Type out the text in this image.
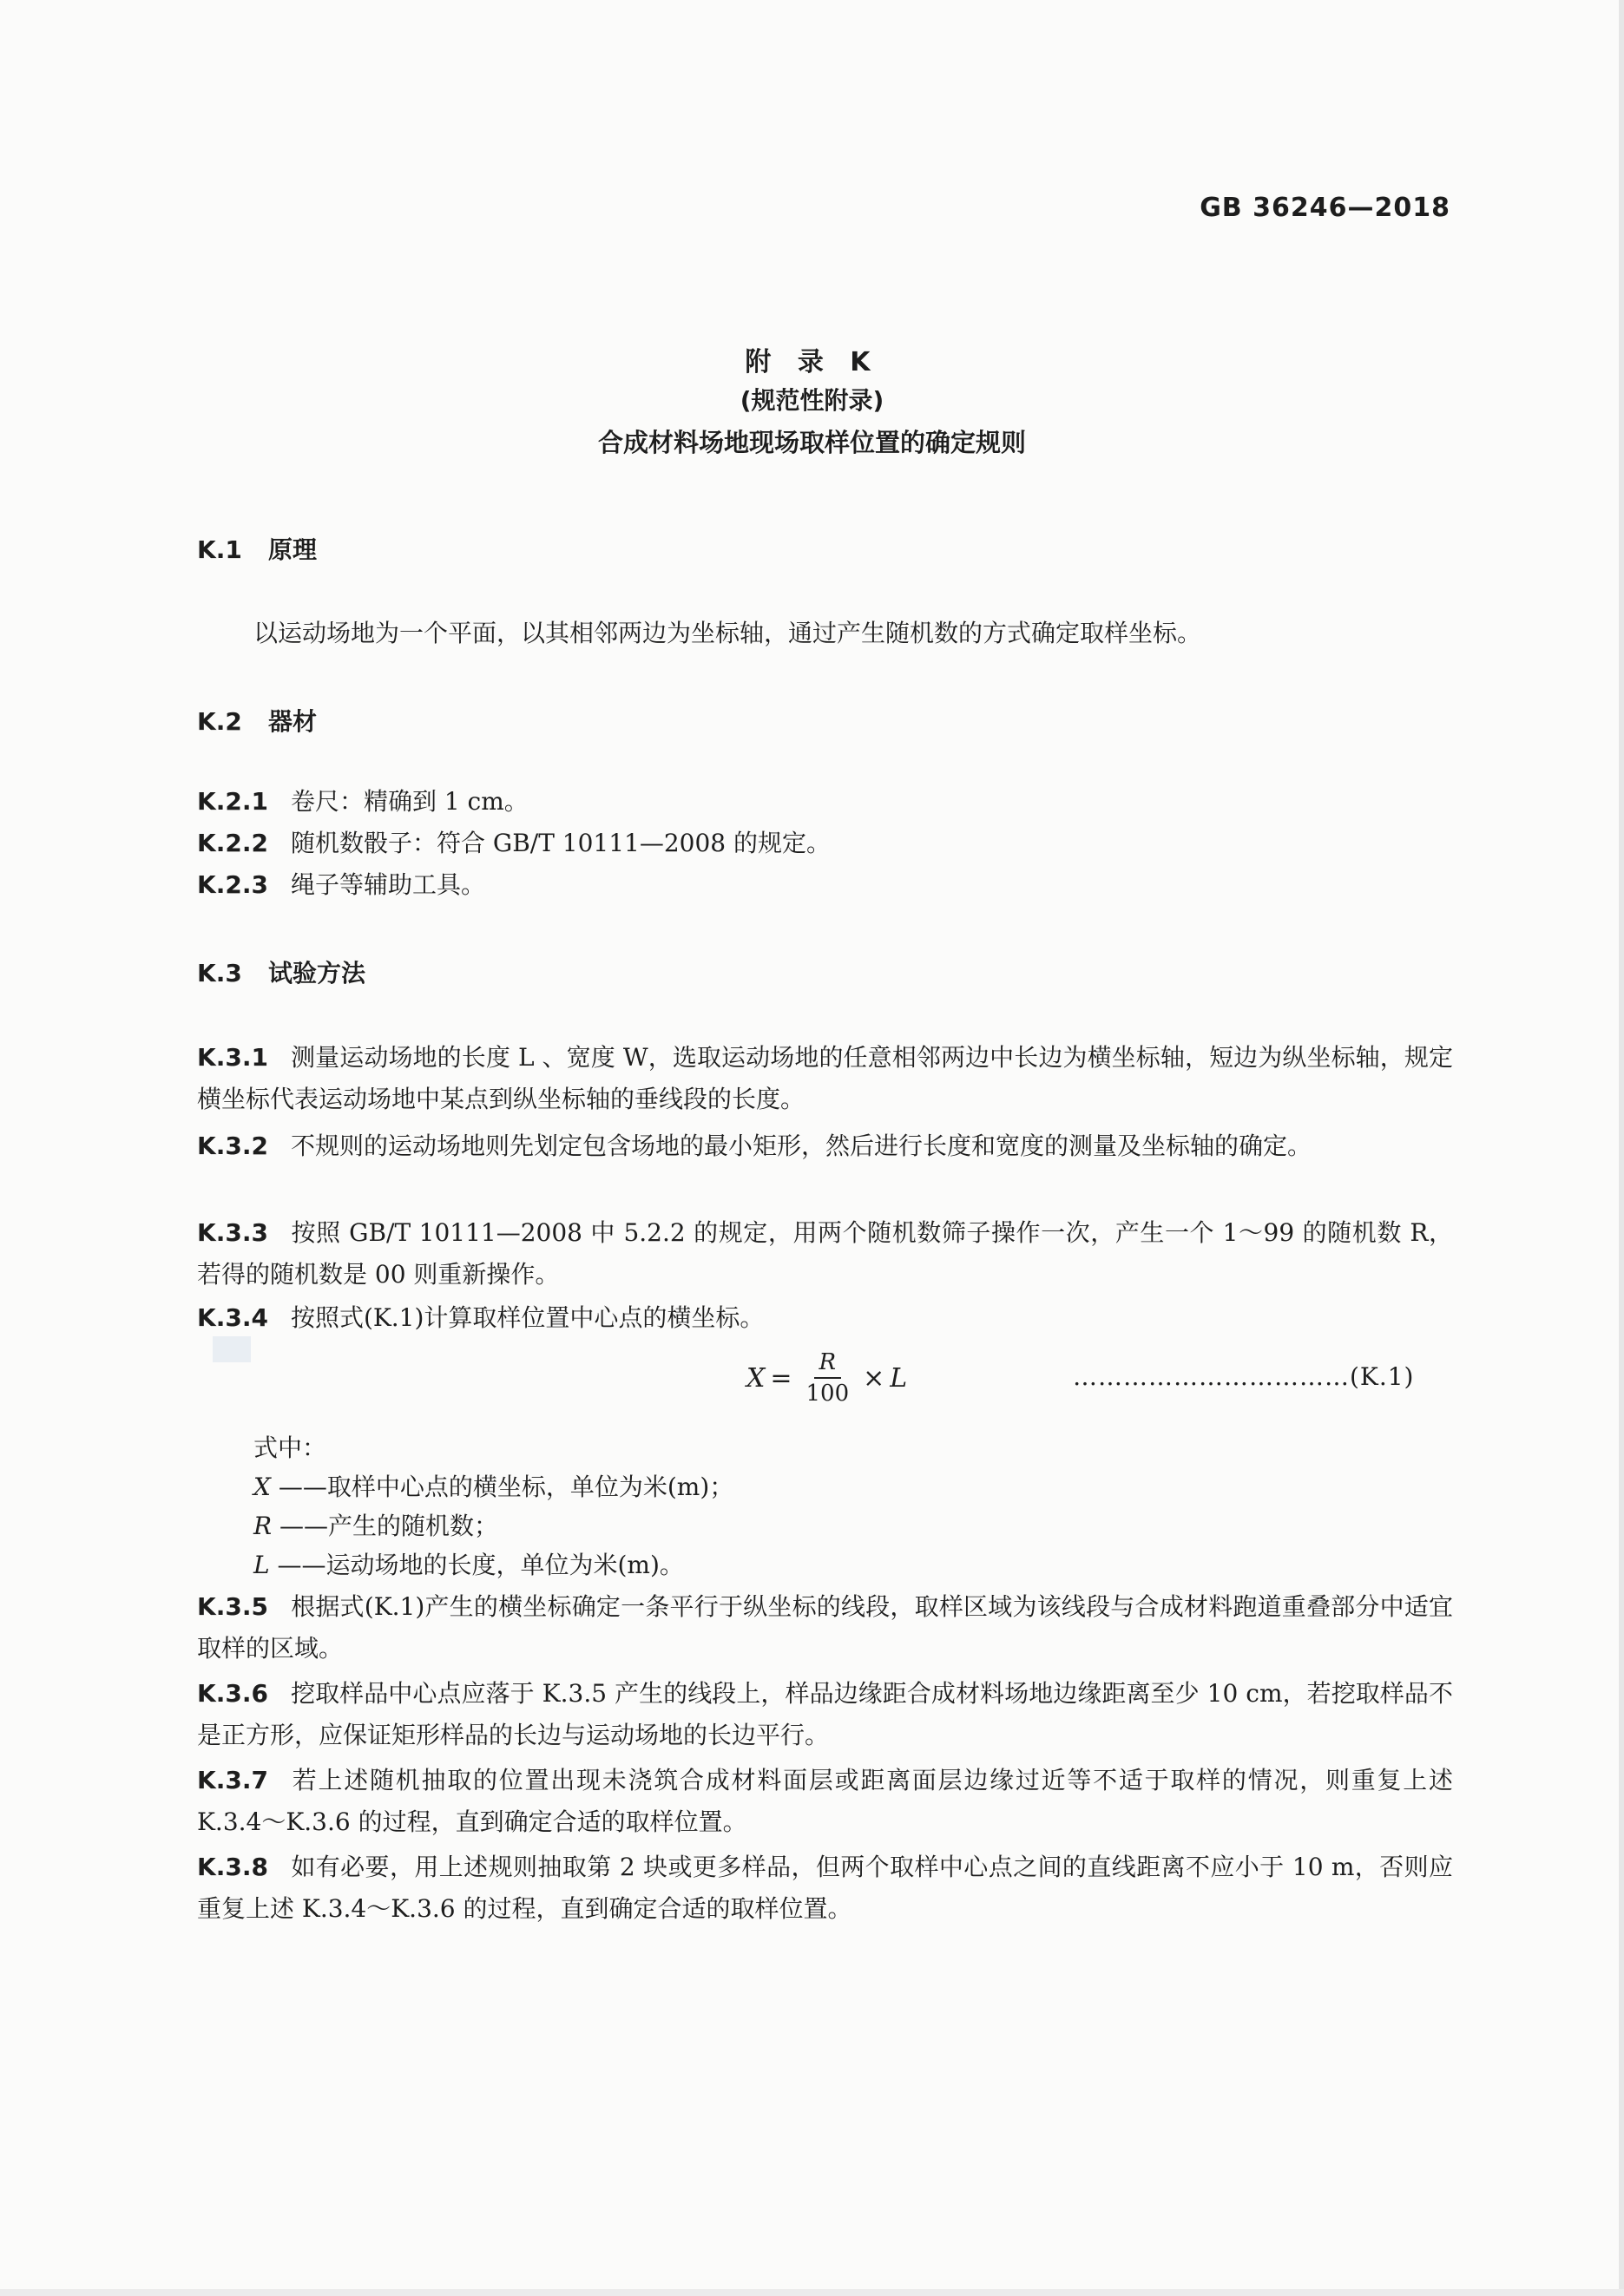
GB 36246—2018
附 录 K
(规范性附录)
合成材料场地现场取样位置的确定规则
K.1 原理
以运动场地为一个平面，以其相邻两边为坐标轴，通过产生随机数的方式确定取样坐标。
K.2 器材
K.2.1 卷尺：精确到 1 cm。
K.2.2 随机数骰子：符合 GB/T 10111—2008 的规定。
K.2.3 绳子等辅助工具。
K.3 试验方法
K.3.1 测量运动场地的长度 L 、宽度 W，选取运动场地的任意相邻两边中长边为横坐标轴，短边为纵坐标轴，规定横坐标代表运动场地中某点到纵坐标轴的垂线段的长度。
K.3.2 不规则的运动场地则先划定包含场地的最小矩形，然后进行长度和宽度的测量及坐标轴的确定。
K.3.3 按照 GB/T 10111—2008 中 5.2.2 的规定，用两个随机数筛子操作一次，产生一个 1～99 的随机数 R，若得的随机数是 00 则重新操作。
K.3.4 按照式(K.1)计算取样位置中心点的横坐标。
$X = \frac{R}{100} \times L$	……………………………(K.1)
式中：
X ——取样中心点的横坐标，单位为米(m)；
R ——产生的随机数；
L ——运动场地的长度，单位为米(m)。
K.3.5 根据式(K.1)产生的横坐标确定一条平行于纵坐标的线段，取样区域为该线段与合成材料跑道重叠部分中适宜取样的区域。
K.3.6 挖取样品中心点应落于 K.3.5 产生的线段上，样品边缘距合成材料场地边缘距离至少 10 cm，若挖取样品不是正方形，应保证矩形样品的长边与运动场地的长边平行。
K.3.7 若上述随机抽取的位置出现未浇筑合成材料面层或距离面层边缘过近等不适于取样的情况，则重复上述 K.3.4～K.3.6 的过程，直到确定合适的取样位置。
K.3.8 如有必要，用上述规则抽取第 2 块或更多样品，但两个取样中心点之间的直线距离不应小于 10 m，否则应重复上述 K.3.4～K.3.6 的过程，直到确定合适的取样位置。
